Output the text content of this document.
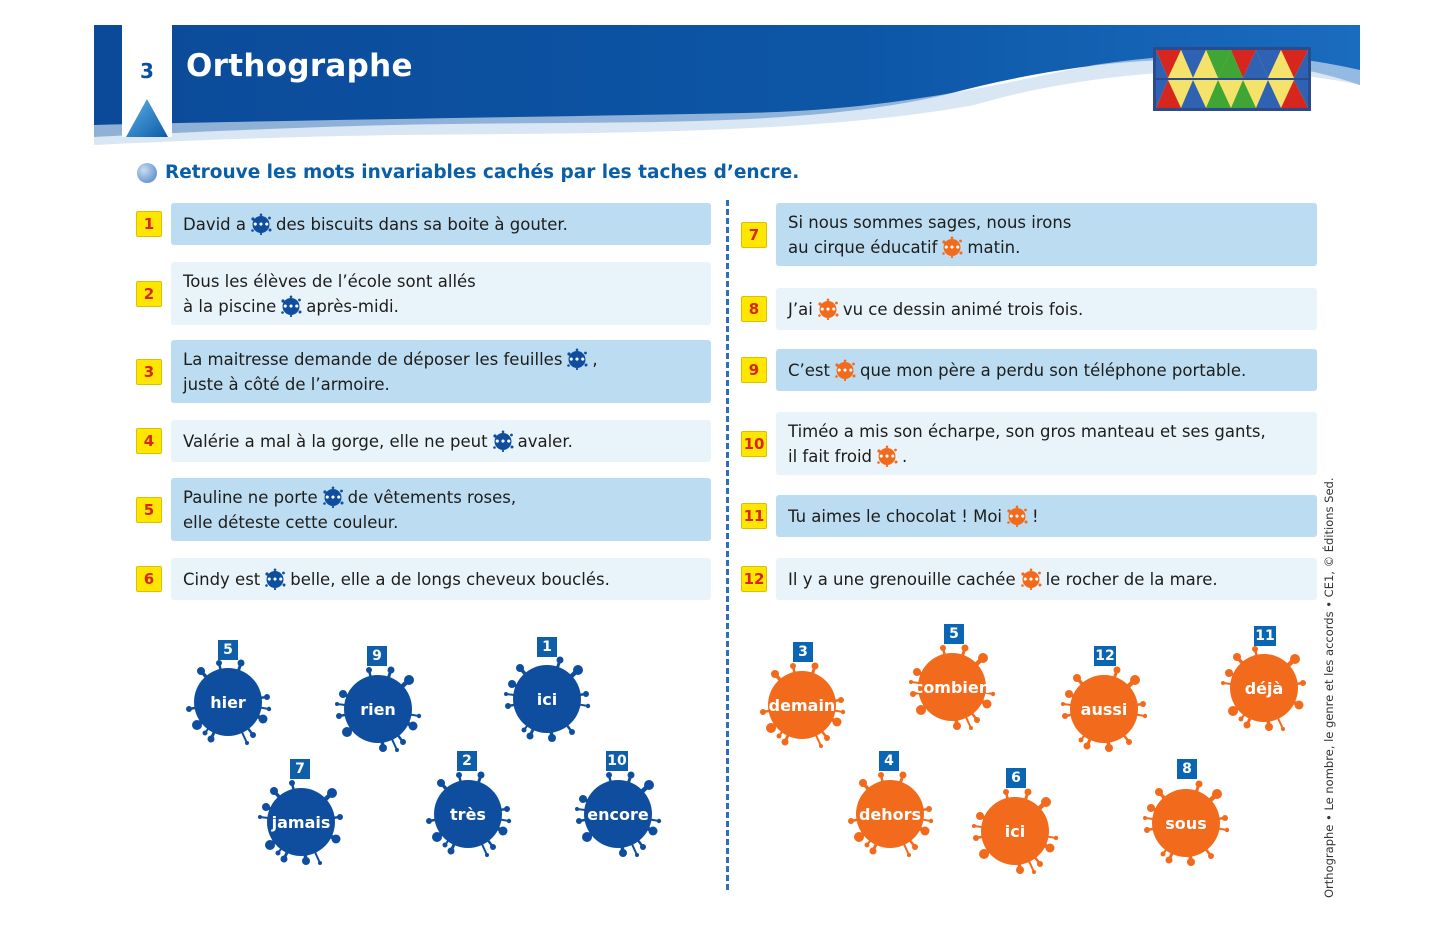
3	Orthographe
Retrouve les mots invariables cachés par les taches d’encre.
hier
5
rien
9
ici
1
jamais
7
très
2
encore
10
demain
3
combien
5
aussi
12
déjà
11
dehors
4
ici
6
sous
8	Orthographe • Le nombre, le genre et les accords • CE1, © Éditions Sed.
1	David a ••• des biscuits dans sa boite à gouter.
2
Tous les élèves de l’école sont allés
à la piscine ••• après-midi.
3
La maitresse demande de déposer les feuilles ••• ,
juste à côté de l’armoire.
4	Valérie a mal à la gorge, elle ne peut ••• avaler.
5
Pauline ne porte ••• de vêtements roses,
elle déteste cette couleur.
6	Cindy est ••• belle, elle a de longs cheveux bouclés.
7
Si nous sommes sages, nous irons
au cirque éducatif ••• matin.
8	J’ai ••• vu ce dessin animé trois fois.
9	C’est ••• que mon père a perdu son téléphone portable.
10
Timéo a mis son écharpe, son gros manteau et ses gants,
il fait froid ••• .
11 Tu aimes le chocolat ! Moi ••• !
12 Il y a une grenouille cachée ••• le rocher de la mare.
